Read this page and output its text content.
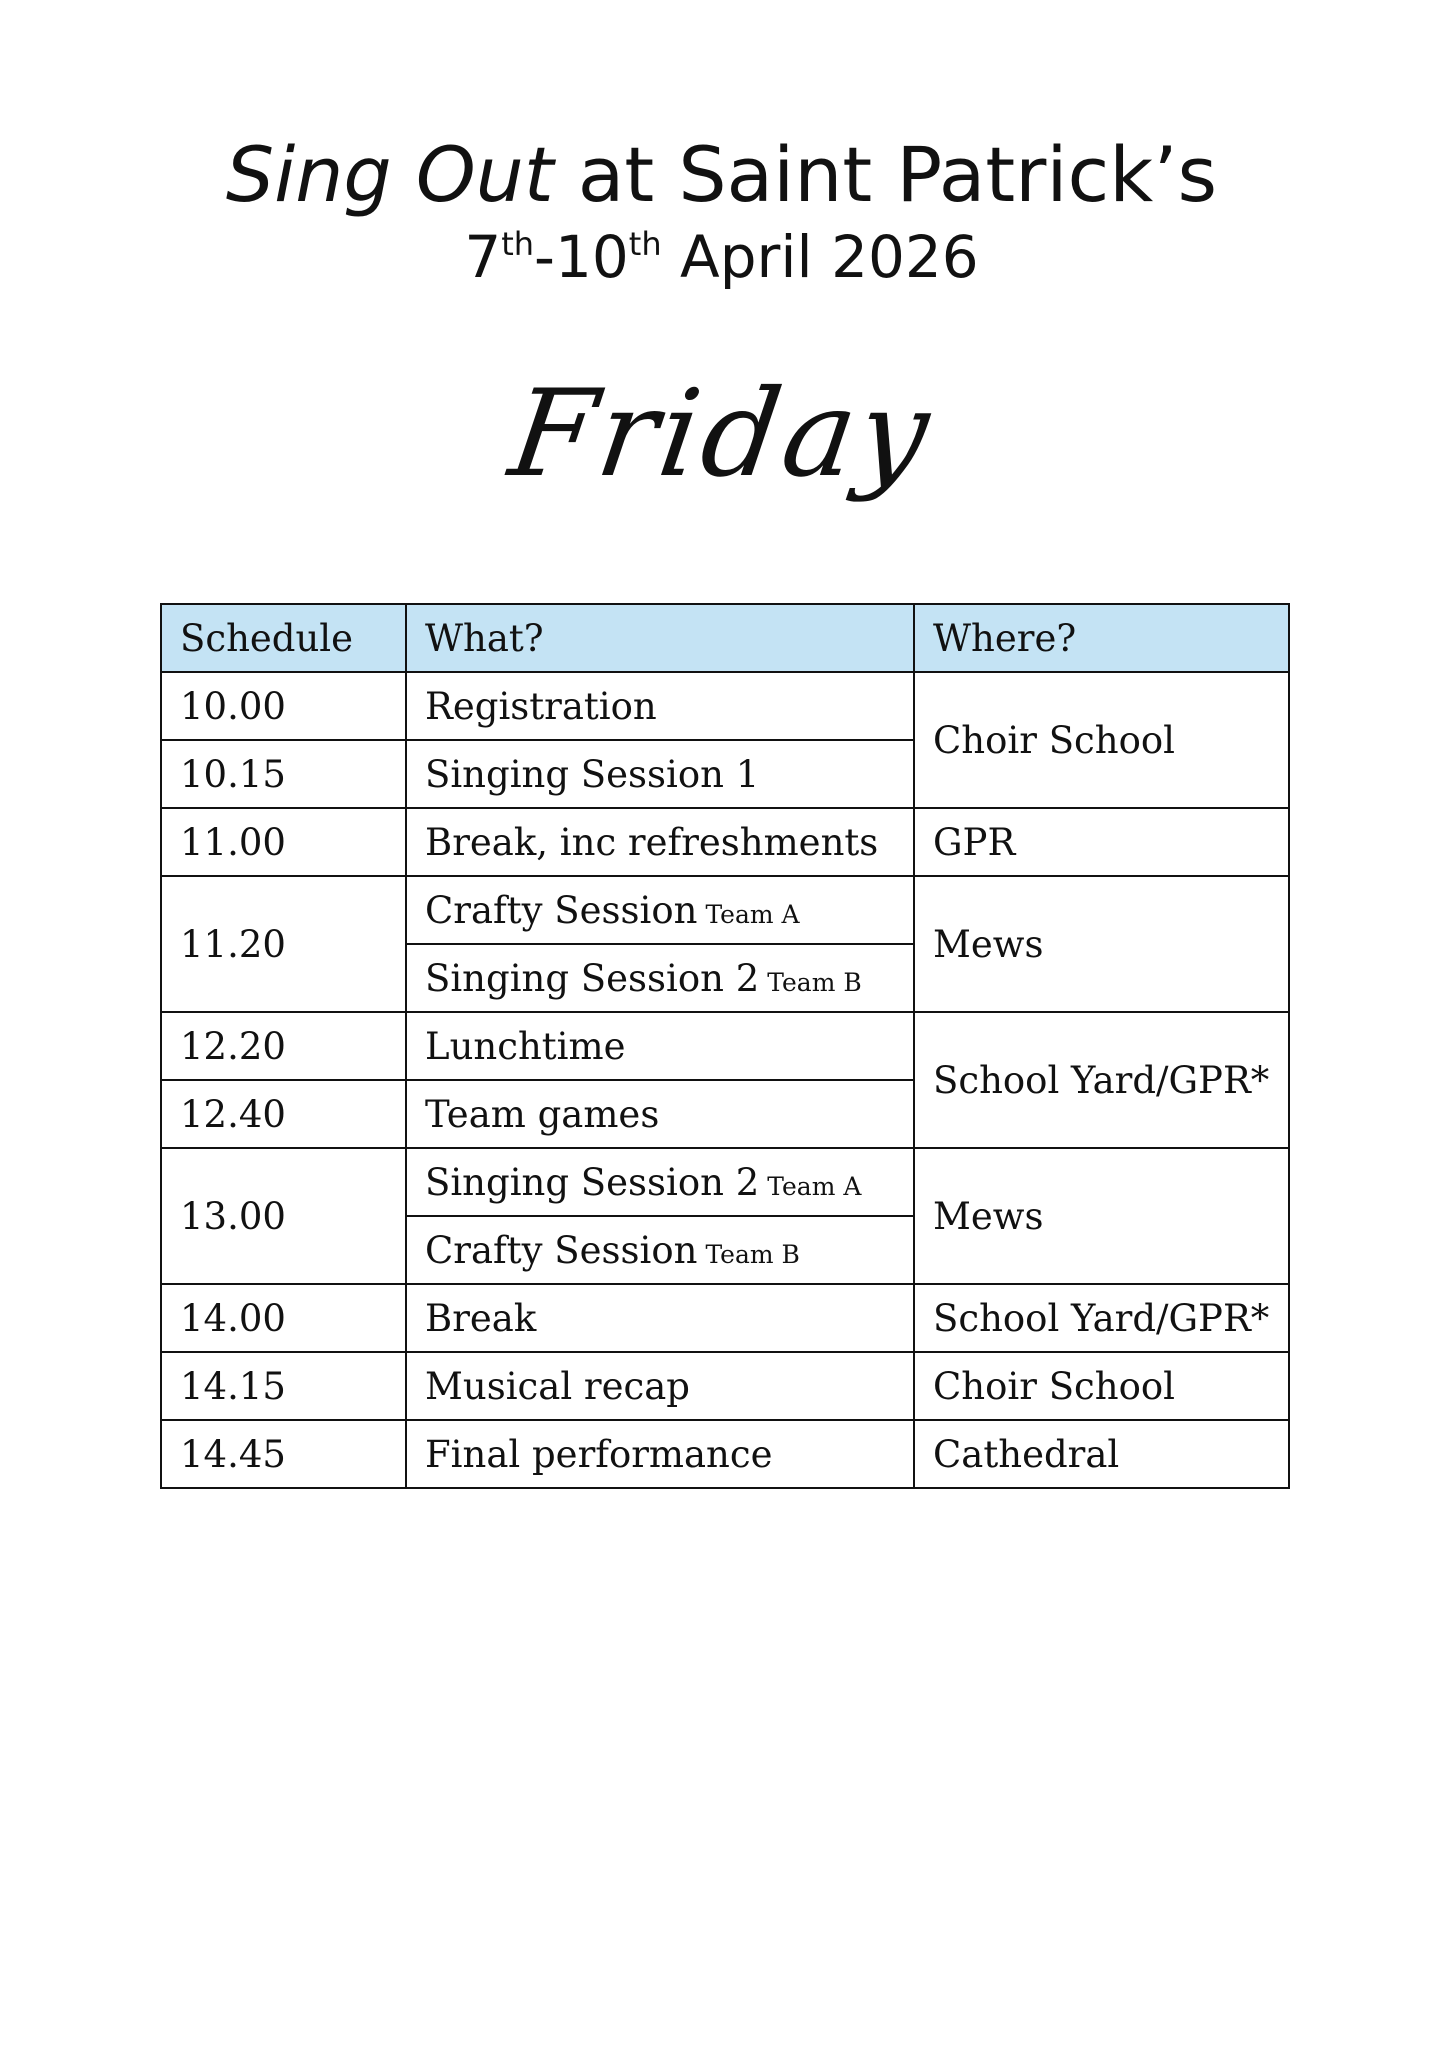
Sing Out at Saint Patrick’s
7th-10th April 2026
Friday
Schedule	What?	Where?
10.00	Registration	Choir School
10.15	Singing Session 1	
11.00	Break, inc refreshments	GPR
11.20	Crafty Session Team A	Mews
	Singing Session 2 Team B	
12.20	Lunchtime	School Yard/GPR*
12.40	Team games	
13.00	Singing Session 2 Team A	Mews
	Crafty Session Team B	
14.00	Break	School Yard/GPR*
14.15	Musical recap	Choir School
14.45	Final performance	Cathedral
